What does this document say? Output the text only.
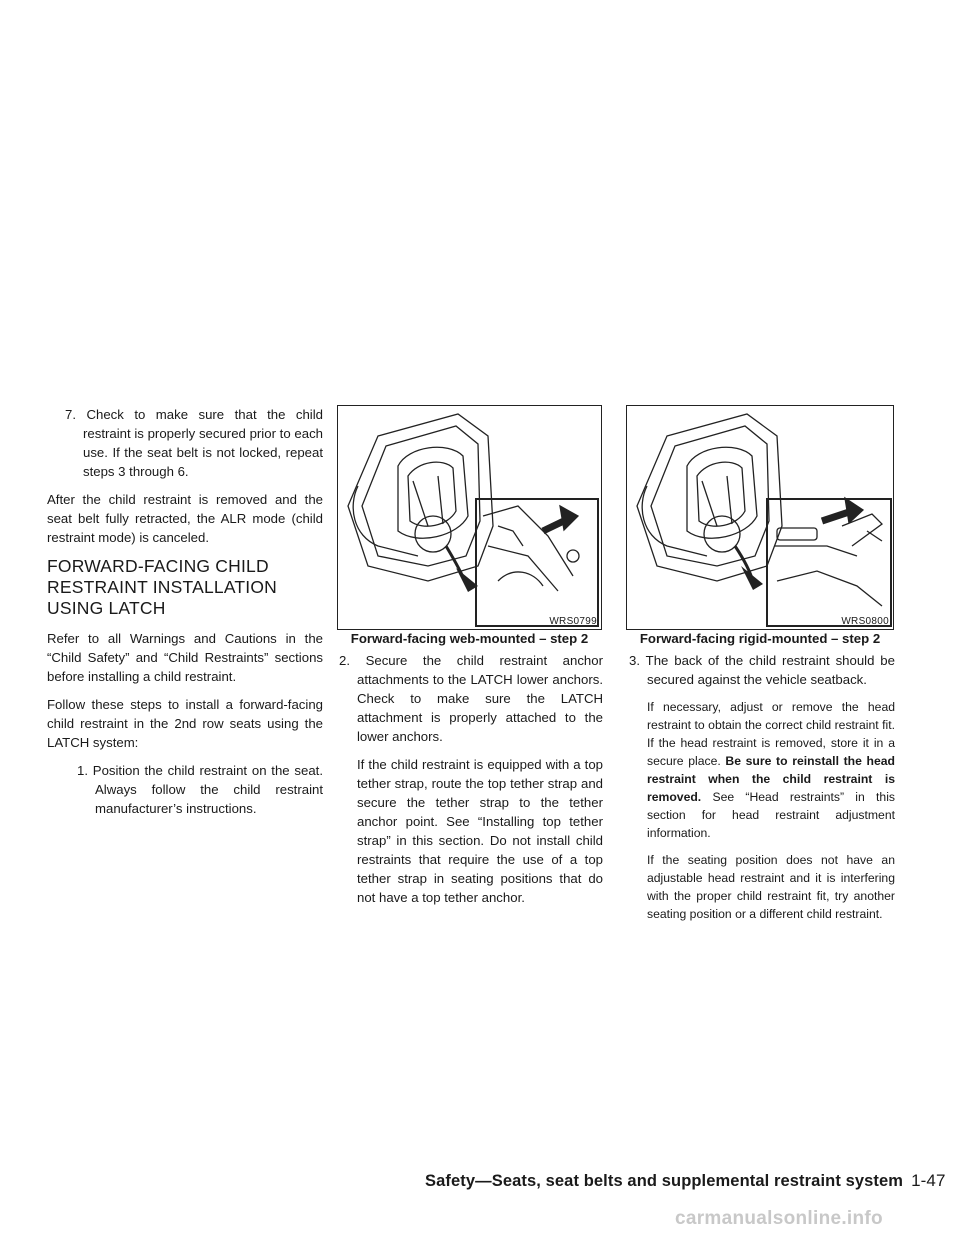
7. Check to make sure that the child restraint is properly secured prior to each use. If the seat belt is not locked, repeat steps 3 through 6.

After the child restraint is removed and the seat belt fully retracted, the ALR mode (child restraint mode) is canceled.

FORWARD-FACING CHILD RESTRAINT INSTALLATION USING LATCH

Refer to all Warnings and Cautions in the “Child Safety” and “Child Restraints” sections before installing a child restraint.

Follow these steps to install a forward-facing child restraint in the 2nd row seats using the LATCH system:

1. Position the child restraint on the seat. Always follow the child restraint manufacturer’s instructions.
WRS0799
Forward-facing web-mounted – step 2
2. Secure the child restraint anchor attachments to the LATCH lower anchors. Check to make sure the LATCH attachment is properly attached to the lower anchors.

If the child restraint is equipped with a top tether strap, route the top tether strap and secure the tether strap to the tether anchor point. See “Installing top tether strap” in this section. Do not install child restraints that require the use of a top tether strap in seating positions that do not have a top tether anchor.

WRS0800
Forward-facing rigid-mounted – step 2
3. The back of the child restraint should be secured against the vehicle seatback.

If necessary, adjust or remove the head restraint to obtain the correct child restraint fit. If the head restraint is removed, store it in a secure place. Be sure to reinstall the head restraint when the child restraint is removed. See “Head restraints” in this section for head restraint adjustment information.

If the seating position does not have an adjustable head restraint and it is interfering with the proper child restraint fit, try another seating position or a different child restraint.

Safety—Seats, seat belts and supplemental restraint system 1-47
carmanualsonline.info
